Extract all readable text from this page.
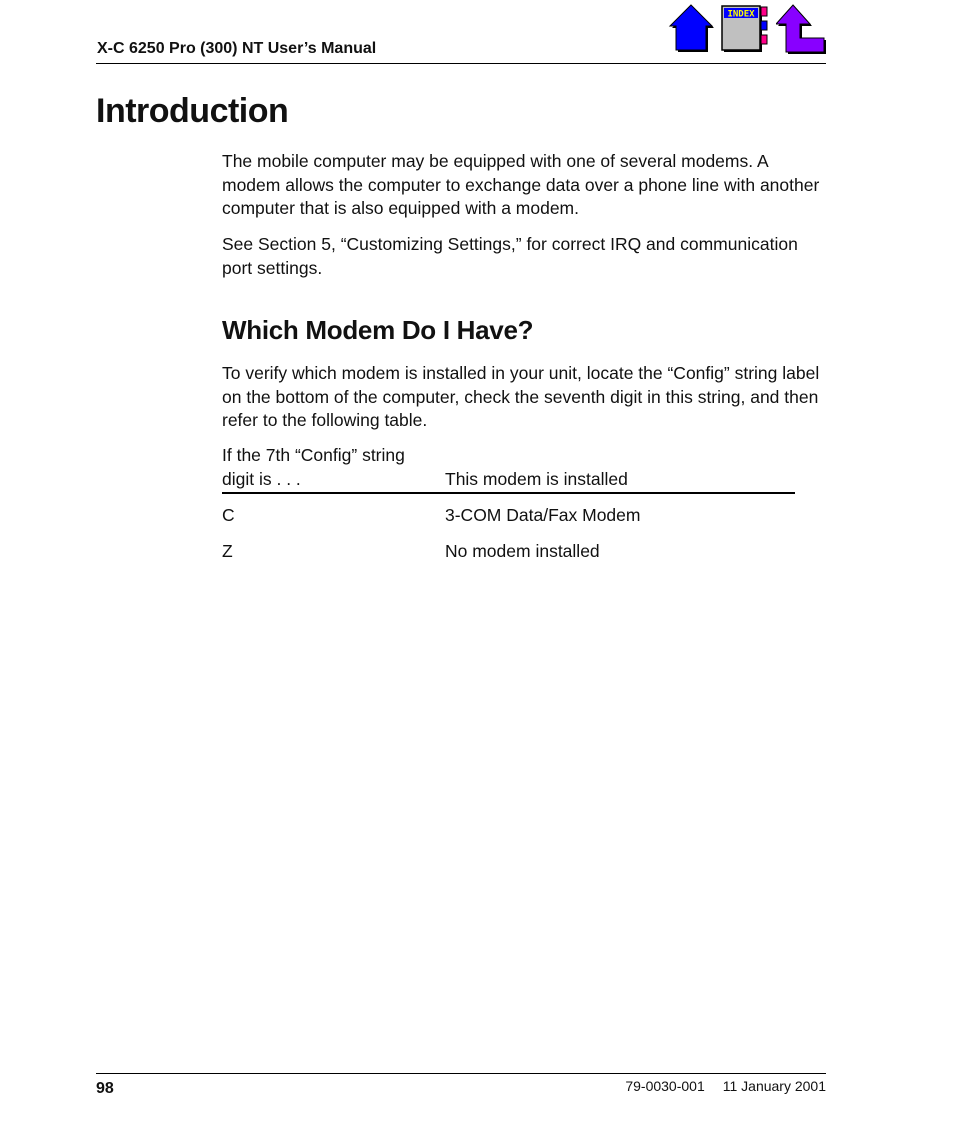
X-C 6250 Pro (300) NT User’s Manual
INDEX
Introduction

The mobile computer may be equipped with one of several modems. A modem allows the computer to exchange data over a phone line with another computer that is also equipped with a modem.

See Section 5, “Customizing Settings,” for correct IRQ and communication port settings.

Which Modem Do I Have?

To verify which modem is installed in your unit, locate the “Config” string label on the bottom of the computer, check the seventh digit in this string, and then refer to the following table.

If the 7th “Config” string digit is . . .	This modem is installed
C	3-COM Data/Fax Modem
Z	No modem installed
98	79-0030-001 11 January 2001
